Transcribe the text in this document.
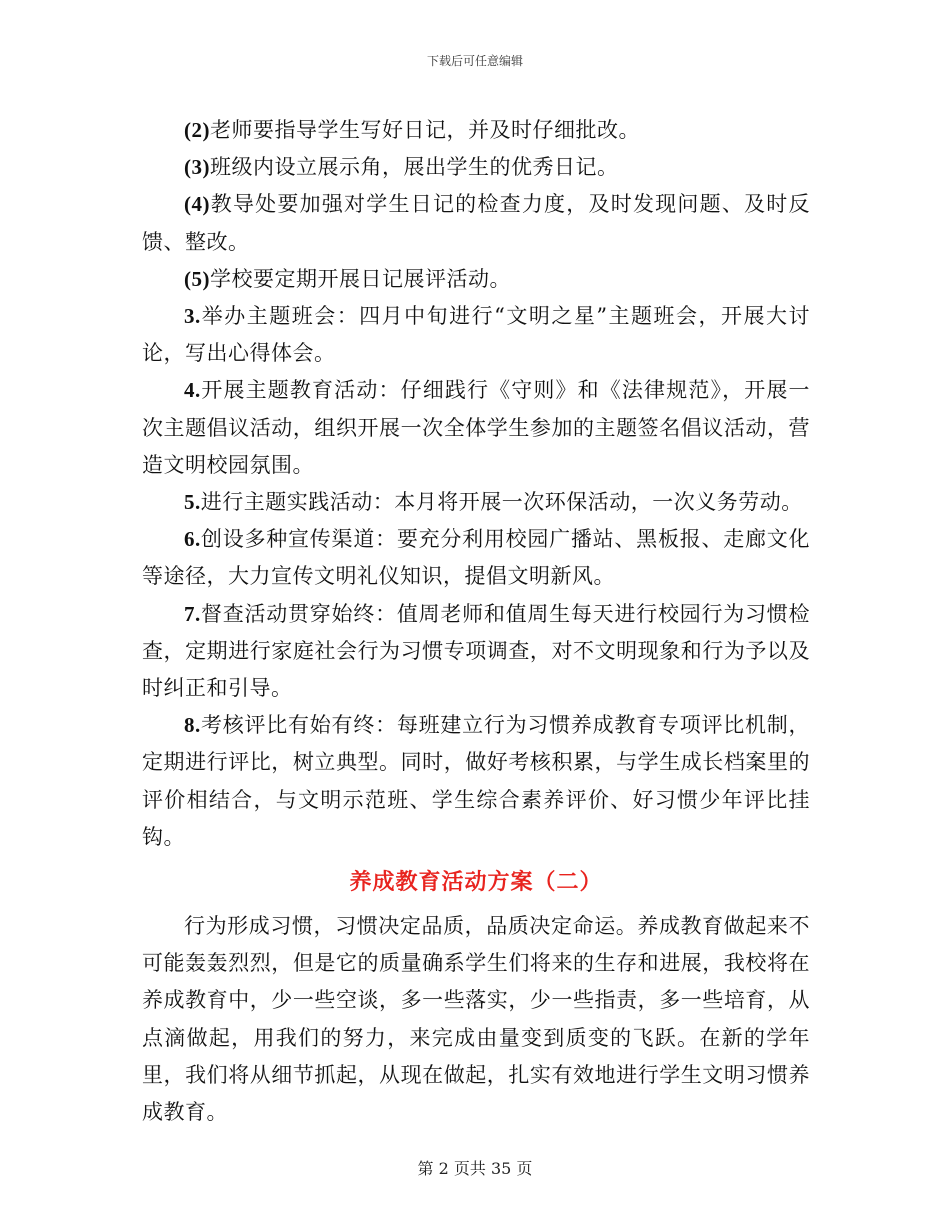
下载后可任意编辑

(2)老师要指导学生写好日记，并及时仔细批改。

(3)班级内设立展示角，展出学生的优秀日记。

(4)教导处要加强对学生日记的检查力度，及时发现问题、及时反馈、整改。

(5)学校要定期开展日记展评活动。

3.举办主题班会：四月中旬进行“文明之星”主题班会，开展大讨论，写出心得体会。

4.开展主题教育活动：仔细践行《守则》和《法律规范》，开展一次主题倡议活动，组织开展一次全体学生参加的主题签名倡议活动，营造文明校园氛围。

5.进行主题实践活动：本月将开展一次环保活动，一次义务劳动。

6.创设多种宣传渠道：要充分利用校园广播站、黑板报、走廊文化等途径，大力宣传文明礼仪知识，提倡文明新风。

7.督查活动贯穿始终：值周老师和值周生每天进行校园行为习惯检查，定期进行家庭社会行为习惯专项调查，对不文明现象和行为予以及时纠正和引导。

8.考核评比有始有终：每班建立行为习惯养成教育专项评比机制，定期进行评比，树立典型。同时，做好考核积累，与学生成长档案里的评价相结合，与文明示范班、学生综合素养评价、好习惯少年评比挂钩。

养成教育活动方案（二）

行为形成习惯，习惯决定品质，品质决定命运。养成教育做起来不可能轰轰烈烈，但是它的质量确系学生们将来的生存和进展，我校将在养成教育中，少一些空谈，多一些落实，少一些指责，多一些培育，从点滴做起，用我们的努力，来完成由量变到质变的飞跃。在新的学年里，我们将从细节抓起，从现在做起，扎实有效地进行学生文明习惯养成教育。

第 2 页共 35 页
